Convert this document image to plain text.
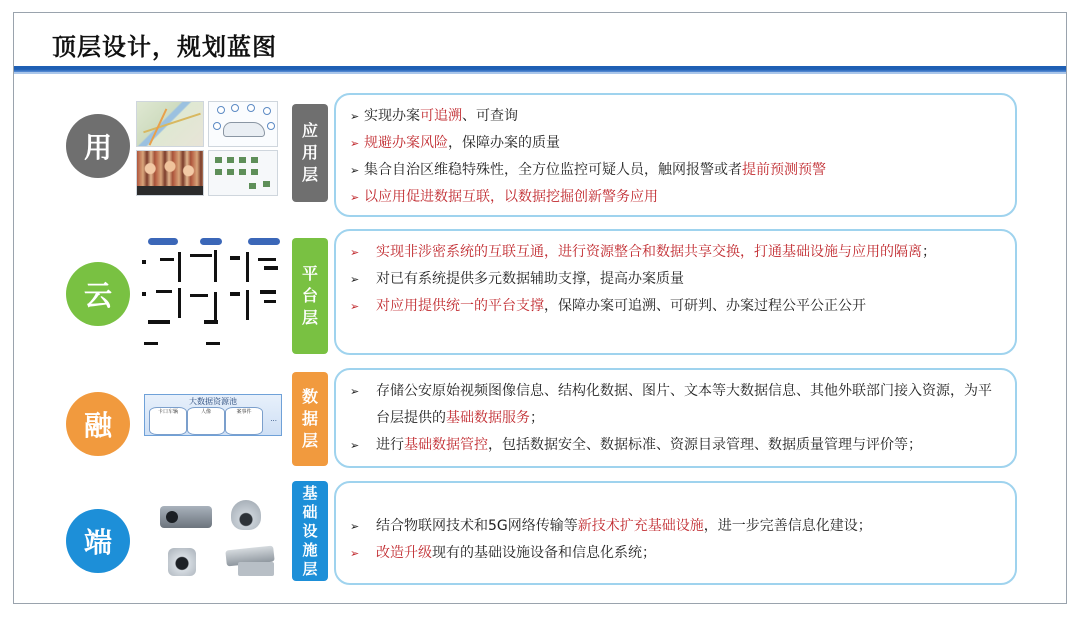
顶层设计，规划蓝图
用
应
用
层
➢ 实现办案可追溯、可查询
➢ 规避办案风险，保障办案的质量
➢ 集合自治区维稳特殊性，全方位监控可疑人员，触网报警或者提前预测预警
➢ 以应用促进数据互联，以数据挖掘创新警务应用
云
平
台
层
➢	实现非涉密系统的互联互通，进行资源整合和数据共享交换，打通基础设施与应用的隔离；
➢	对已有系统提供多元数据辅助支撑，提高办案质量
➢	对应用提供统一的平台支撑，保障办案可追溯、可研判、办案过程公平公正公开
融
大数据资源池
卡口车辆	人像	案事件
···
数
据
层
➢	存储公安原始视频图像信息、结构化数据、图片、文本等大数据信息、其他外联部门接入资源，为平台层提供的基础数据服务；
➢	进行基础数据管控，包括数据安全、数据标准、资源目录管理、数据质量管理与评价等；
端
基
础
设
施
层
➢	结合物联网技术和5G网络传输等新技术扩充基础设施，进一步完善信息化建设；
➢	改造升级现有的基础设施设备和信息化系统；
